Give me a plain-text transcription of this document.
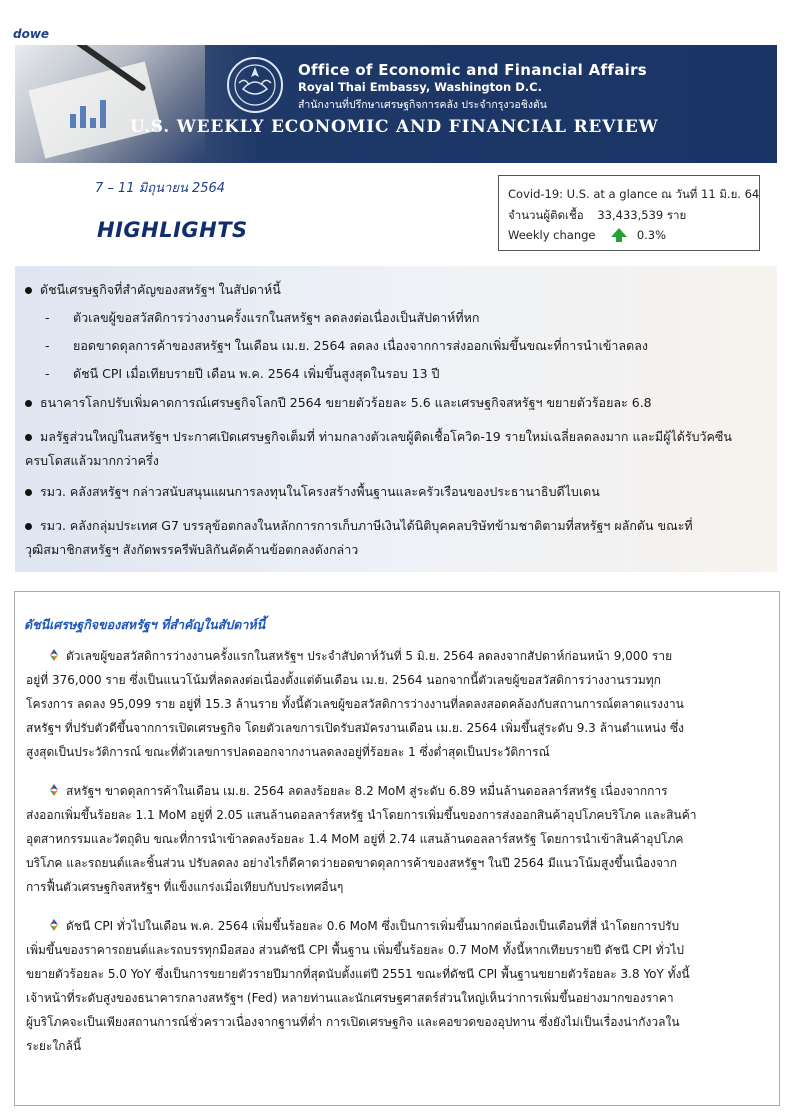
dowe
Office of Economic and Financial Affairs
Royal Thai Embassy, Washington D.C.
สำนักงานที่ปรึกษาเศรษฐกิจการคลัง ประจำกรุงวอชิงตัน
U.S. WEEKLY ECONOMIC AND FINANCIAL REVIEW
7 – 11 มิถุนายน 2564
HIGHLIGHTS
Covid-19: U.S. at a glance ณ วันที่ 11 มิ.ย. 64
จำนวนผู้ติดเชื้อ 33,433,539 ราย
Weekly change	0.3%
ดัชนีเศรษฐกิจที่สำคัญของสหรัฐฯ ในสัปดาห์นี้
- ตัวเลขผู้ขอสวัสดิการว่างงานครั้งแรกในสหรัฐฯ ลดลงต่อเนื่องเป็นสัปดาห์ที่หก
- ยอดขาดดุลการค้าของสหรัฐฯ ในเดือน เม.ย. 2564 ลดลง เนื่องจากการส่งออกเพิ่มขึ้นขณะที่การนำเข้าลดลง
- ดัชนี CPI เมื่อเทียบรายปี เดือน พ.ค. 2564 เพิ่มขึ้นสูงสุดในรอบ 13 ปี
ธนาคารโลกปรับเพิ่มคาดการณ์เศรษฐกิจโลกปี 2564 ขยายตัวร้อยละ 5.6 และเศรษฐกิจสหรัฐฯ ขยายตัวร้อยละ 6.8
มลรัฐส่วนใหญ่ในสหรัฐฯ ประกาศเปิดเศรษฐกิจเต็มที่ ท่ามกลางตัวเลขผู้ติดเชื้อโควิด-19 รายใหม่เฉลี่ยลดลงมาก และมีผู้ได้รับวัคซีน
ครบโดสแล้วมากกว่าครึ่ง
รมว. คลังสหรัฐฯ กล่าวสนับสนุนแผนการลงทุนในโครงสร้างพื้นฐานและครัวเรือนของประธานาธิบดีไบเดน
รมว. คลังกลุ่มประเทศ G7 บรรลุข้อตกลงในหลักการการเก็บภาษีเงินได้นิติบุคคลบริษัทข้ามชาติตามที่สหรัฐฯ ผลักดัน ขณะที่
วุฒิสมาชิกสหรัฐฯ สังกัดพรรครีพับลิกันคัดค้านข้อตกลงดังกล่าว
ดัชนีเศรษฐกิจของสหรัฐฯ ที่สำคัญในสัปดาห์นี้
ตัวเลขผู้ขอสวัสดิการว่างงานครั้งแรกในสหรัฐฯ ประจำสัปดาห์วันที่ 5 มิ.ย. 2564 ลดลงจากสัปดาห์ก่อนหน้า 9,000 ราย
อยู่ที่ 376,000 ราย ซึ่งเป็นแนวโน้มที่ลดลงต่อเนื่องตั้งแต่ต้นเดือน เม.ย. 2564 นอกจากนี้ตัวเลขผู้ขอสวัสดิการว่างงานรวมทุก
โครงการ ลดลง 95,099 ราย อยู่ที่ 15.3 ล้านราย ทั้งนี้ตัวเลขผู้ขอสวัสดิการว่างงานที่ลดลงสอดคล้องกับสถานการณ์ตลาดแรงงาน
สหรัฐฯ ที่ปรับตัวดีขึ้นจากการเปิดเศรษฐกิจ โดยตัวเลขการเปิดรับสมัครงานเดือน เม.ย. 2564 เพิ่มขึ้นสู่ระดับ 9.3 ล้านตำแหน่ง ซึ่ง
สูงสุดเป็นประวัติการณ์ ขณะที่ตัวเลขการปลดออกจากงานลดลงอยู่ที่ร้อยละ 1 ซึ่งต่ำสุดเป็นประวัติการณ์
สหรัฐฯ ขาดดุลการค้าในเดือน เม.ย. 2564 ลดลงร้อยละ 8.2 MoM สู่ระดับ 6.89 หมื่นล้านดอลลาร์สหรัฐ เนื่องจากการ
ส่งออกเพิ่มขึ้นร้อยละ 1.1 MoM อยู่ที่ 2.05 แสนล้านดอลลาร์สหรัฐ นำโดยการเพิ่มขึ้นของการส่งออกสินค้าอุปโภคบริโภค และสินค้า
อุตสาหกรรมและวัตถุดิบ ขณะที่การนำเข้าลดลงร้อยละ 1.4 MoM อยู่ที่ 2.74 แสนล้านดอลลาร์สหรัฐ โดยการนำเข้าสินค้าอุปโภค
บริโภค และรถยนต์และชิ้นส่วน ปรับลดลง อย่างไรก็ดีคาดว่ายอดขาดดุลการค้าของสหรัฐฯ ในปี 2564 มีแนวโน้มสูงขึ้นเนื่องจาก
การฟื้นตัวเศรษฐกิจสหรัฐฯ ที่แข็งแกร่งเมื่อเทียบกับประเทศอื่นๆ
ดัชนี CPI ทั่วไปในเดือน พ.ค. 2564 เพิ่มขึ้นร้อยละ 0.6 MoM ซึ่งเป็นการเพิ่มขึ้นมากต่อเนื่องเป็นเดือนที่สี่ นำโดยการปรับ
เพิ่มขึ้นของราคารถยนต์และรถบรรทุกมือสอง ส่วนดัชนี CPI พื้นฐาน เพิ่มขึ้นร้อยละ 0.7 MoM ทั้งนี้หากเทียบรายปี ดัชนี CPI ทั่วไป
ขยายตัวร้อยละ 5.0 YoY ซึ่งเป็นการขยายตัวรายปีมากที่สุดนับตั้งแต่ปี 2551 ขณะที่ดัชนี CPI พื้นฐานขยายตัวร้อยละ 3.8 YoY ทั้งนี้
เจ้าหน้าที่ระดับสูงของธนาคารกลางสหรัฐฯ (Fed) หลายท่านและนักเศรษฐศาสตร์ส่วนใหญ่เห็นว่าการเพิ่มขึ้นอย่างมากของราคา
ผู้บริโภคจะเป็นเพียงสถานการณ์ชั่วคราวเนื่องจากฐานที่ต่ำ การเปิดเศรษฐกิจ และคอขวดของอุปทาน ซึ่งยังไม่เป็นเรื่องน่ากังวลใน
ระยะใกล้นี้
